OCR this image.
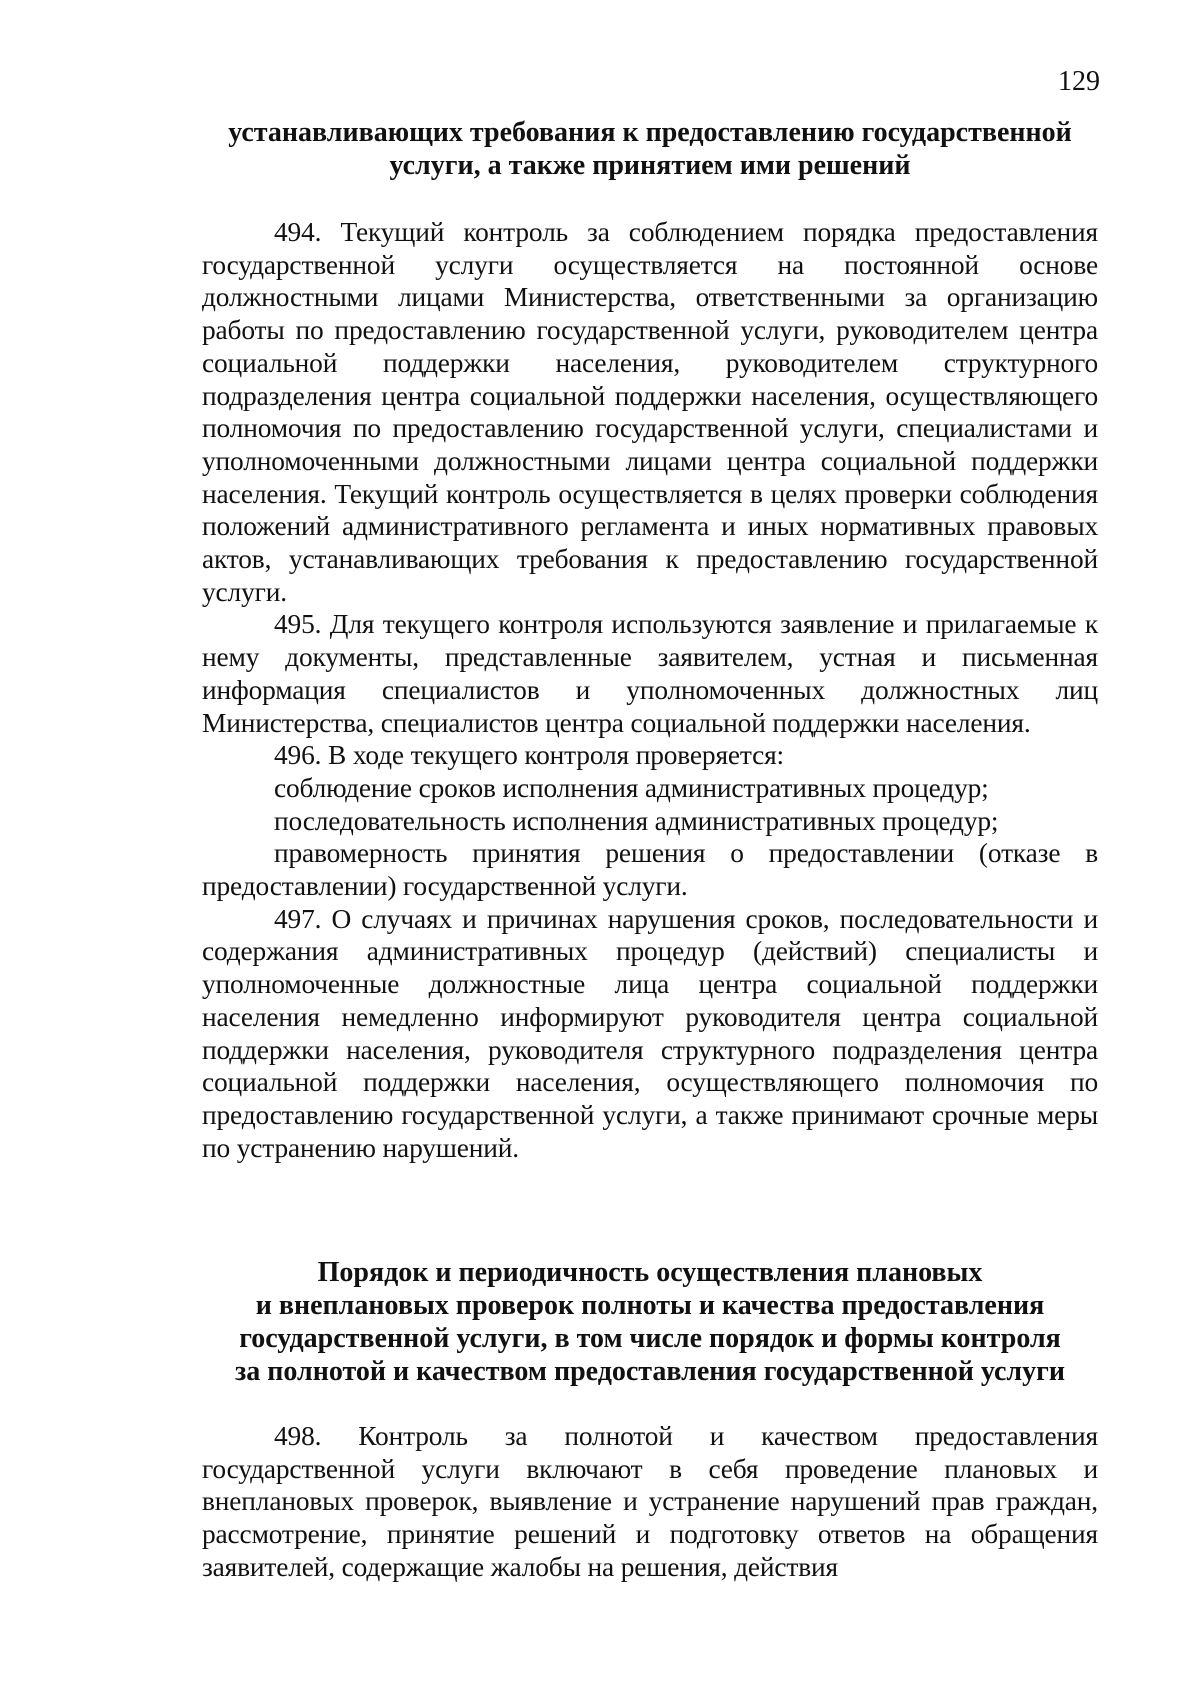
129
устанавливающих требования к предоставлению государственной
услуги, а также принятием ими решений

494. Текущий контроль за соблюдением порядка предоставления государственной услуги осуществляется на постоянной основе должностными лицами Министерства, ответственными за организацию работы по предоставлению государственной услуги, руководителем центра социальной поддержки населения, руководителем структурного подразделения центра социальной поддержки населения, осуществляющего полномочия по предоставлению государственной услуги, специалистами и уполномоченными должностными лицами центра социальной поддержки населения. Текущий контроль осуществляется в целях проверки соблюдения положений административного регламента и иных нормативных правовых актов, устанавливающих требования к предоставлению государственной услуги.

495. Для текущего контроля используются заявление и прилагаемые к нему документы, представленные заявителем, устная и письменная информация специалистов и уполномоченных должностных лиц Министерства, специалистов центра социальной поддержки населения.

496. В ходе текущего контроля проверяется:

соблюдение сроков исполнения административных процедур;

последовательность исполнения административных процедур;

правомерность принятия решения о предоставлении (отказе в предоставлении) государственной услуги.

497. О случаях и причинах нарушения сроков, последовательности и содержания административных процедур (действий) специалисты и уполномоченные должностные лица центра социальной поддержки населения немедленно информируют руководителя центра социальной поддержки населения, руководителя структурного подразделения центра социальной поддержки населения, осуществляющего полномочия по предоставлению государственной услуги, а также принимают срочные меры по устранению нарушений.

Порядок и периодичность осуществления плановых
и внеплановых проверок полноты и качества предоставления
государственной услуги, в том числе порядок и формы контроля
за полнотой и качеством предоставления государственной услуги

498. Контроль за полнотой и качеством предоставления государственной услуги включают в себя проведение плановых и внеплановых проверок, выявление и устранение нарушений прав граждан, рассмотрение, принятие решений и подготовку ответов на обращения заявителей, содержащие жалобы на решения, действия
